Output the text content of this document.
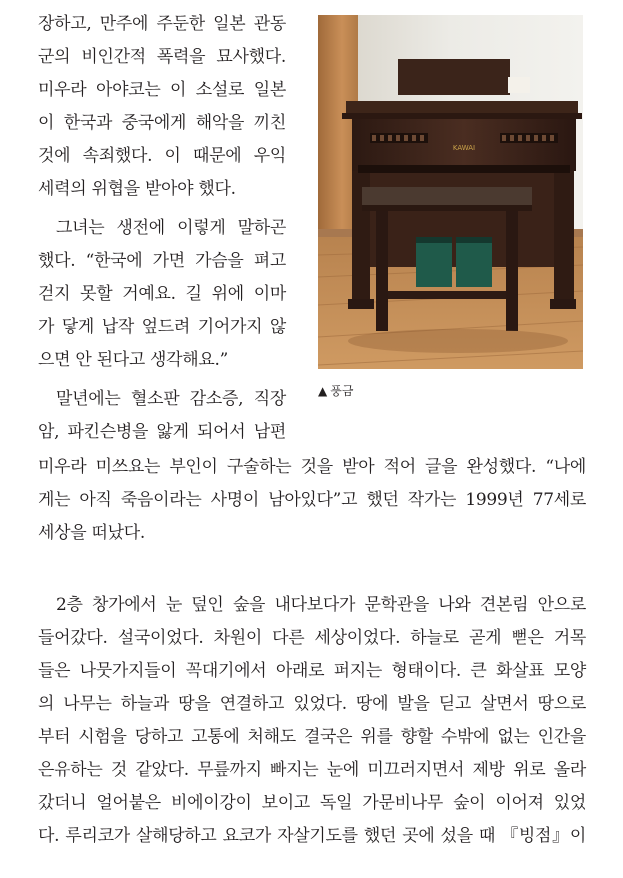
장하고, 만주에 주둔한 일본 관동
군의 비인간적 폭력을 묘사했다.
미우라 아야코는 이 소설로 일본
이 한국과 중국에게 해악을 끼친
것에 속죄했다. 이 때문에 우익
세력의 위협을 받아야 했다.
그녀는 생전에 이렇게 말하곤
했다. “한국에 가면 가슴을 펴고
걷지 못할 거예요. 길 위에 이마
가 닿게 납작 엎드려 기어가지 않
으면 안 된다고 생각해요.”
말년에는 혈소판 감소증, 직장
암, 파킨슨병을 앓게 되어서 남편
미우라 미쓰요는 부인이 구술하는 것을 받아 적어 글을 완성했다. “나에
게는 아직 죽음이라는 사명이 남아있다”고 했던 작가는 1999년 77세로
세상을 떠났다.
2층 창가에서 눈 덮인 숲을 내다보다가 문학관을 나와 견본림 안으로
들어갔다. 설국이었다. 차원이 다른 세상이었다. 하늘로 곧게 뻗은 거목
들은 나뭇가지들이 꼭대기에서 아래로 퍼지는 형태이다. 큰 화살표 모양
의 나무는 하늘과 땅을 연결하고 있었다. 땅에 발을 딛고 살면서 땅으로
부터 시험을 당하고 고통에 처해도 결국은 위를 향할 수밖에 없는 인간을
은유하는 것 같았다. 무릎까지 빠지는 눈에 미끄러지면서 제방 위로 올라
갔더니 얼어붙은 비에이강이 보이고 독일 가문비나무 숲이 이어져 있었
다. 루리코가 살해당하고 요코가 자살기도를 했던 곳에 섰을 때 『빙점』이
KAWAI
▲ 풍금
